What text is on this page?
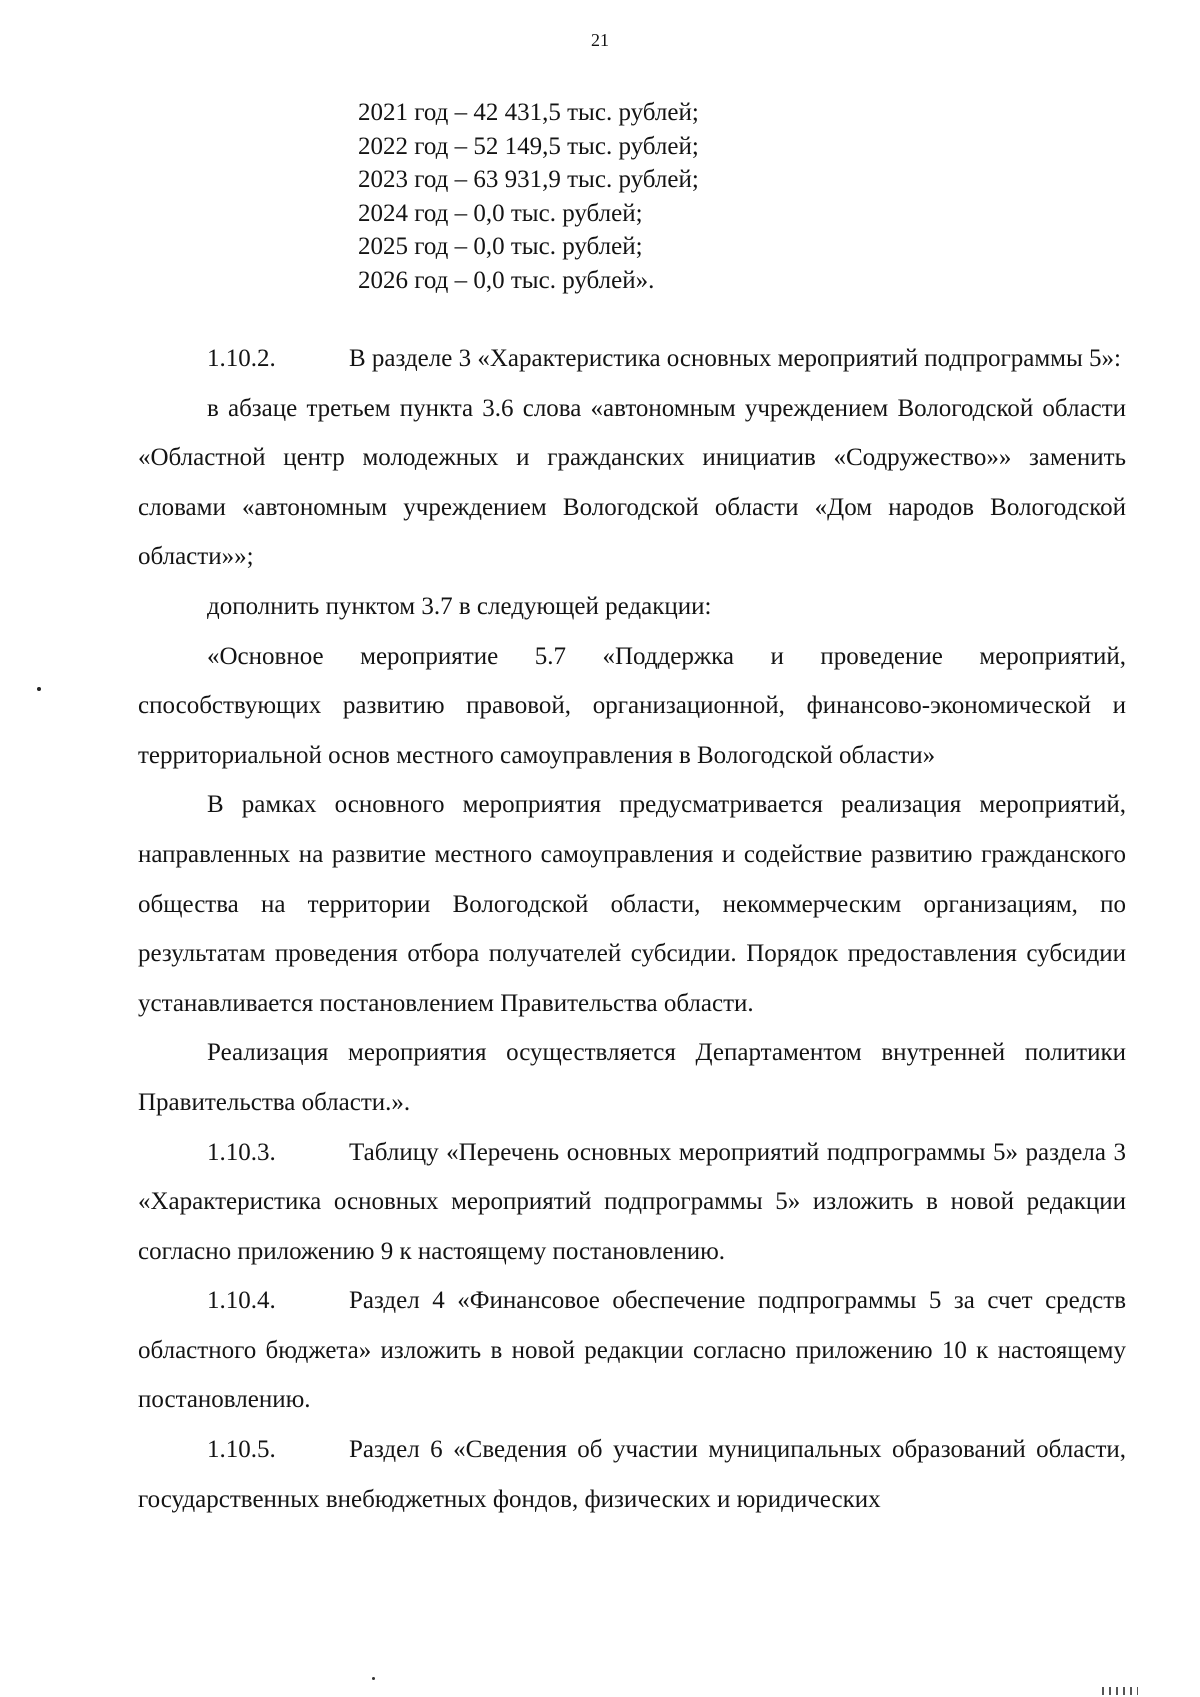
21
2021 год – 42 431,5 тыс. рублей;
2022 год – 52 149,5 тыс. рублей;
2023 год – 63 931,9 тыс. рублей;
2024 год – 0,0 тыс. рублей;
2025 год – 0,0 тыс. рублей;
2026 год – 0,0 тыс. рублей».

1.10.2.	В разделе 3 «Характеристика основных мероприятий подпрограммы 5»:

в абзаце третьем пункта 3.6 слова «автономным учреждением Вологодской области «Областной центр молодежных и гражданских инициатив «Содружество»» заменить словами «автономным учреждением Вологодской области «Дом народов Вологодской области»»;

дополнить пунктом 3.7 в следующей редакции:

«Основное мероприятие 5.7 «Поддержка и проведение мероприятий, способствующих развитию правовой, организационной, финансово-экономической и территориальной основ местного самоуправления в Вологодской области»

В рамках основного мероприятия предусматривается реализация мероприятий, направленных на развитие местного самоуправления и содействие развитию гражданского общества на территории Вологодской области, некоммерческим организациям, по результатам проведения отбора получателей субсидии. Порядок предоставления субсидии устанавливается постановлением Правительства области.

Реализация мероприятия осуществляется Департаментом внутренней политики Правительства области.».

1.10.3.	Таблицу «Перечень основных мероприятий подпрограммы 5» раздела 3 «Характеристика основных мероприятий подпрограммы 5» изложить в новой редакции согласно приложению 9 к настоящему постановлению.

1.10.4.	Раздел 4 «Финансовое обеспечение подпрограммы 5 за счет средств областного бюджета» изложить в новой редакции согласно приложению 10 к настоящему постановлению.

1.10.5.	Раздел 6 «Сведения об участии муниципальных образований области, государственных внебюджетных фондов, физических и юридических
